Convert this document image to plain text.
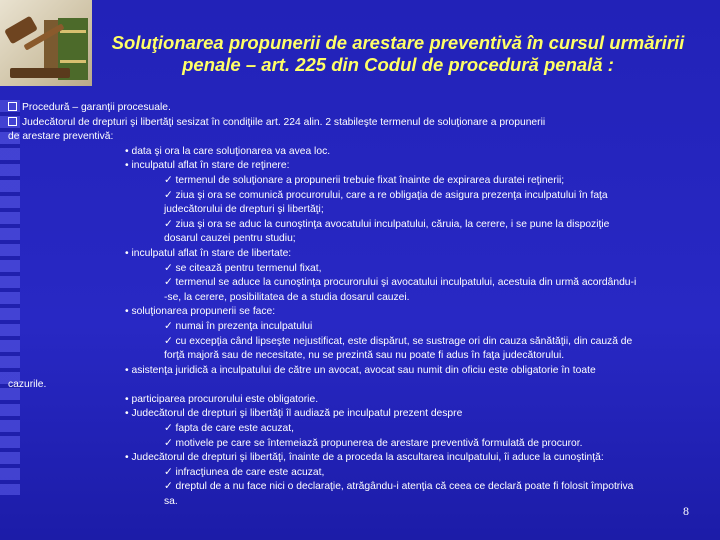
Soluţionarea propunerii de arestare preventivă în cursul urmăririi
penale – art. 225 din Codul de procedură penală :
Procedură – garanţii procesuale.
Judecătorul de drepturi şi libertăţi sesizat în condiţiile art. 224 alin. 2 stabileşte termenul de soluţionare a propunerii
de arestare preventivă:
• data şi ora la care soluţionarea va avea loc.
• inculpatul aflat în stare de reţinere:
✓ termenul de soluţionare a propunerii trebuie fixat înainte de expirarea duratei reţinerii;
✓ ziua şi ora se comunică procurorului, care a re obligaţia de asigura prezenţa inculpatului în faţa
judecătorului de drepturi şi libertăţi;
✓ ziua şi ora se aduc la cunoştinţa avocatului inculpatului, căruia, la cerere, i se pune la dispoziţie
dosarul cauzei pentru studiu;
• inculpatul aflat în stare de libertate:
✓ se citează pentru termenul fixat,
✓ termenul se aduce la cunoştinţa procurorului şi avocatului inculpatului, acestuia din urmă acordându-i
-se, la cerere, posibilitatea de a studia dosarul cauzei.
• soluţionarea propunerii se face:
✓ numai în prezenţa inculpatului
✓ cu excepţia când lipseşte nejustificat, este dispărut, se sustrage ori din cauza sănătăţii, din cauză de
forţă majoră sau de necesitate, nu se prezintă sau nu poate fi adus în faţa judecătorului.
• asistenţa juridică a inculpatului de către un avocat, avocat sau numit din oficiu este obligatorie în toate
cazurile.
• participarea procurorului este obligatorie.
• Judecătorul de drepturi şi libertăţi îl audiază pe inculpatul prezent despre
✓ fapta de care este acuzat,
✓ motivele pe care se întemeiază propunerea de arestare preventivă formulată de procuror.
• Judecătorul de drepturi şi libertăţi, înainte de a proceda la ascultarea inculpatului, îi aduce la cunoştinţă:
✓ infracţiunea de care este acuzat,
✓ dreptul de a nu face nici o declaraţie, atrăgându-i atenţia că ceea ce declară poate fi folosit împotriva
sa.
8
